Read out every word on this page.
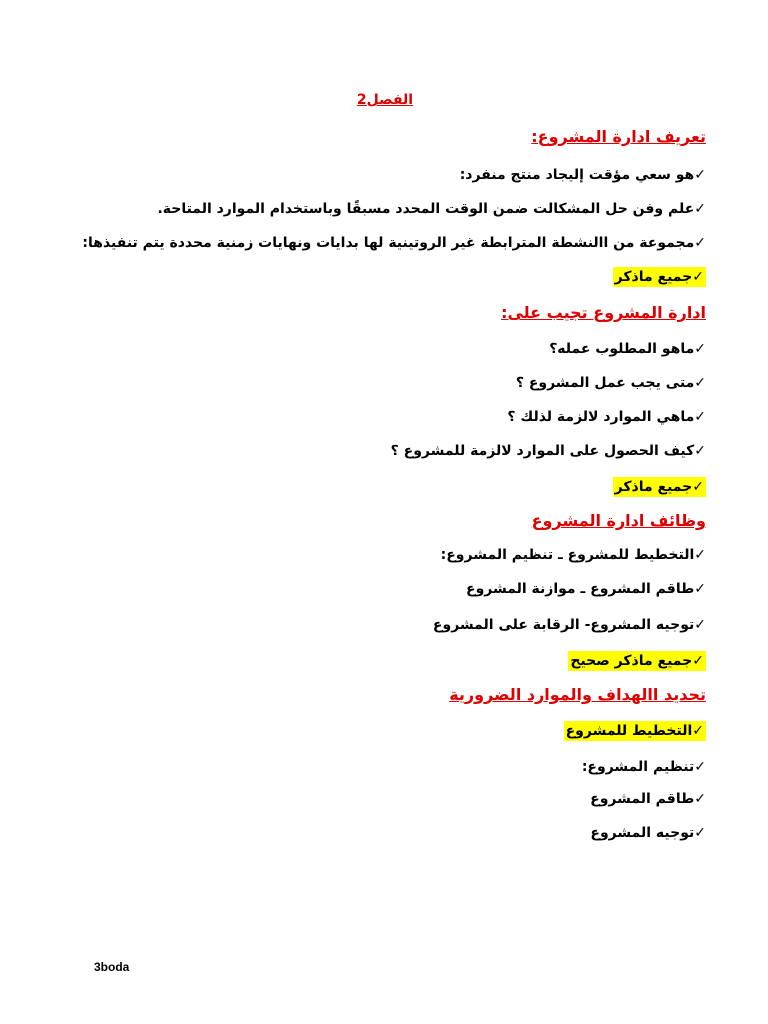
الفصل2
تعريف ادارة المشروع:
✓هو سعي مؤقت إليجاد منتج منفرد:
✓علم وفن حل المشكالت ضمن الوقت المحدد مسبقًا وباستخدام الموارد المتاحة.
✓مجموعة من االنشطة المترابطة غير الروتينية لها بدايات ونهايات زمنية محددة يتم تنفيذها:
✓جميع ماذكر
ادارة المشروع تجيب على:
✓ماهو المطلوب عمله؟
✓متى يجب عمل المشروع ؟
✓ماهي الموارد لالزمة لذلك ؟
✓كيف الحصول على الموارد لالزمة للمشروع ؟
✓جميع ماذكر
وظائف ادارة المشروع
✓التخطيط للمشروع ـ تنظيم المشروع:
✓طاقم المشروع ـ موازنة المشروع
✓توجيه المشروع- الرقابة على المشروع
✓جميع ماذكر صحيح
تحديد االهداف والموارد الضرورية
✓التخطيط للمشروع
✓تنظيم المشروع:
✓طاقم المشروع
✓توجيه المشروع
3boda
